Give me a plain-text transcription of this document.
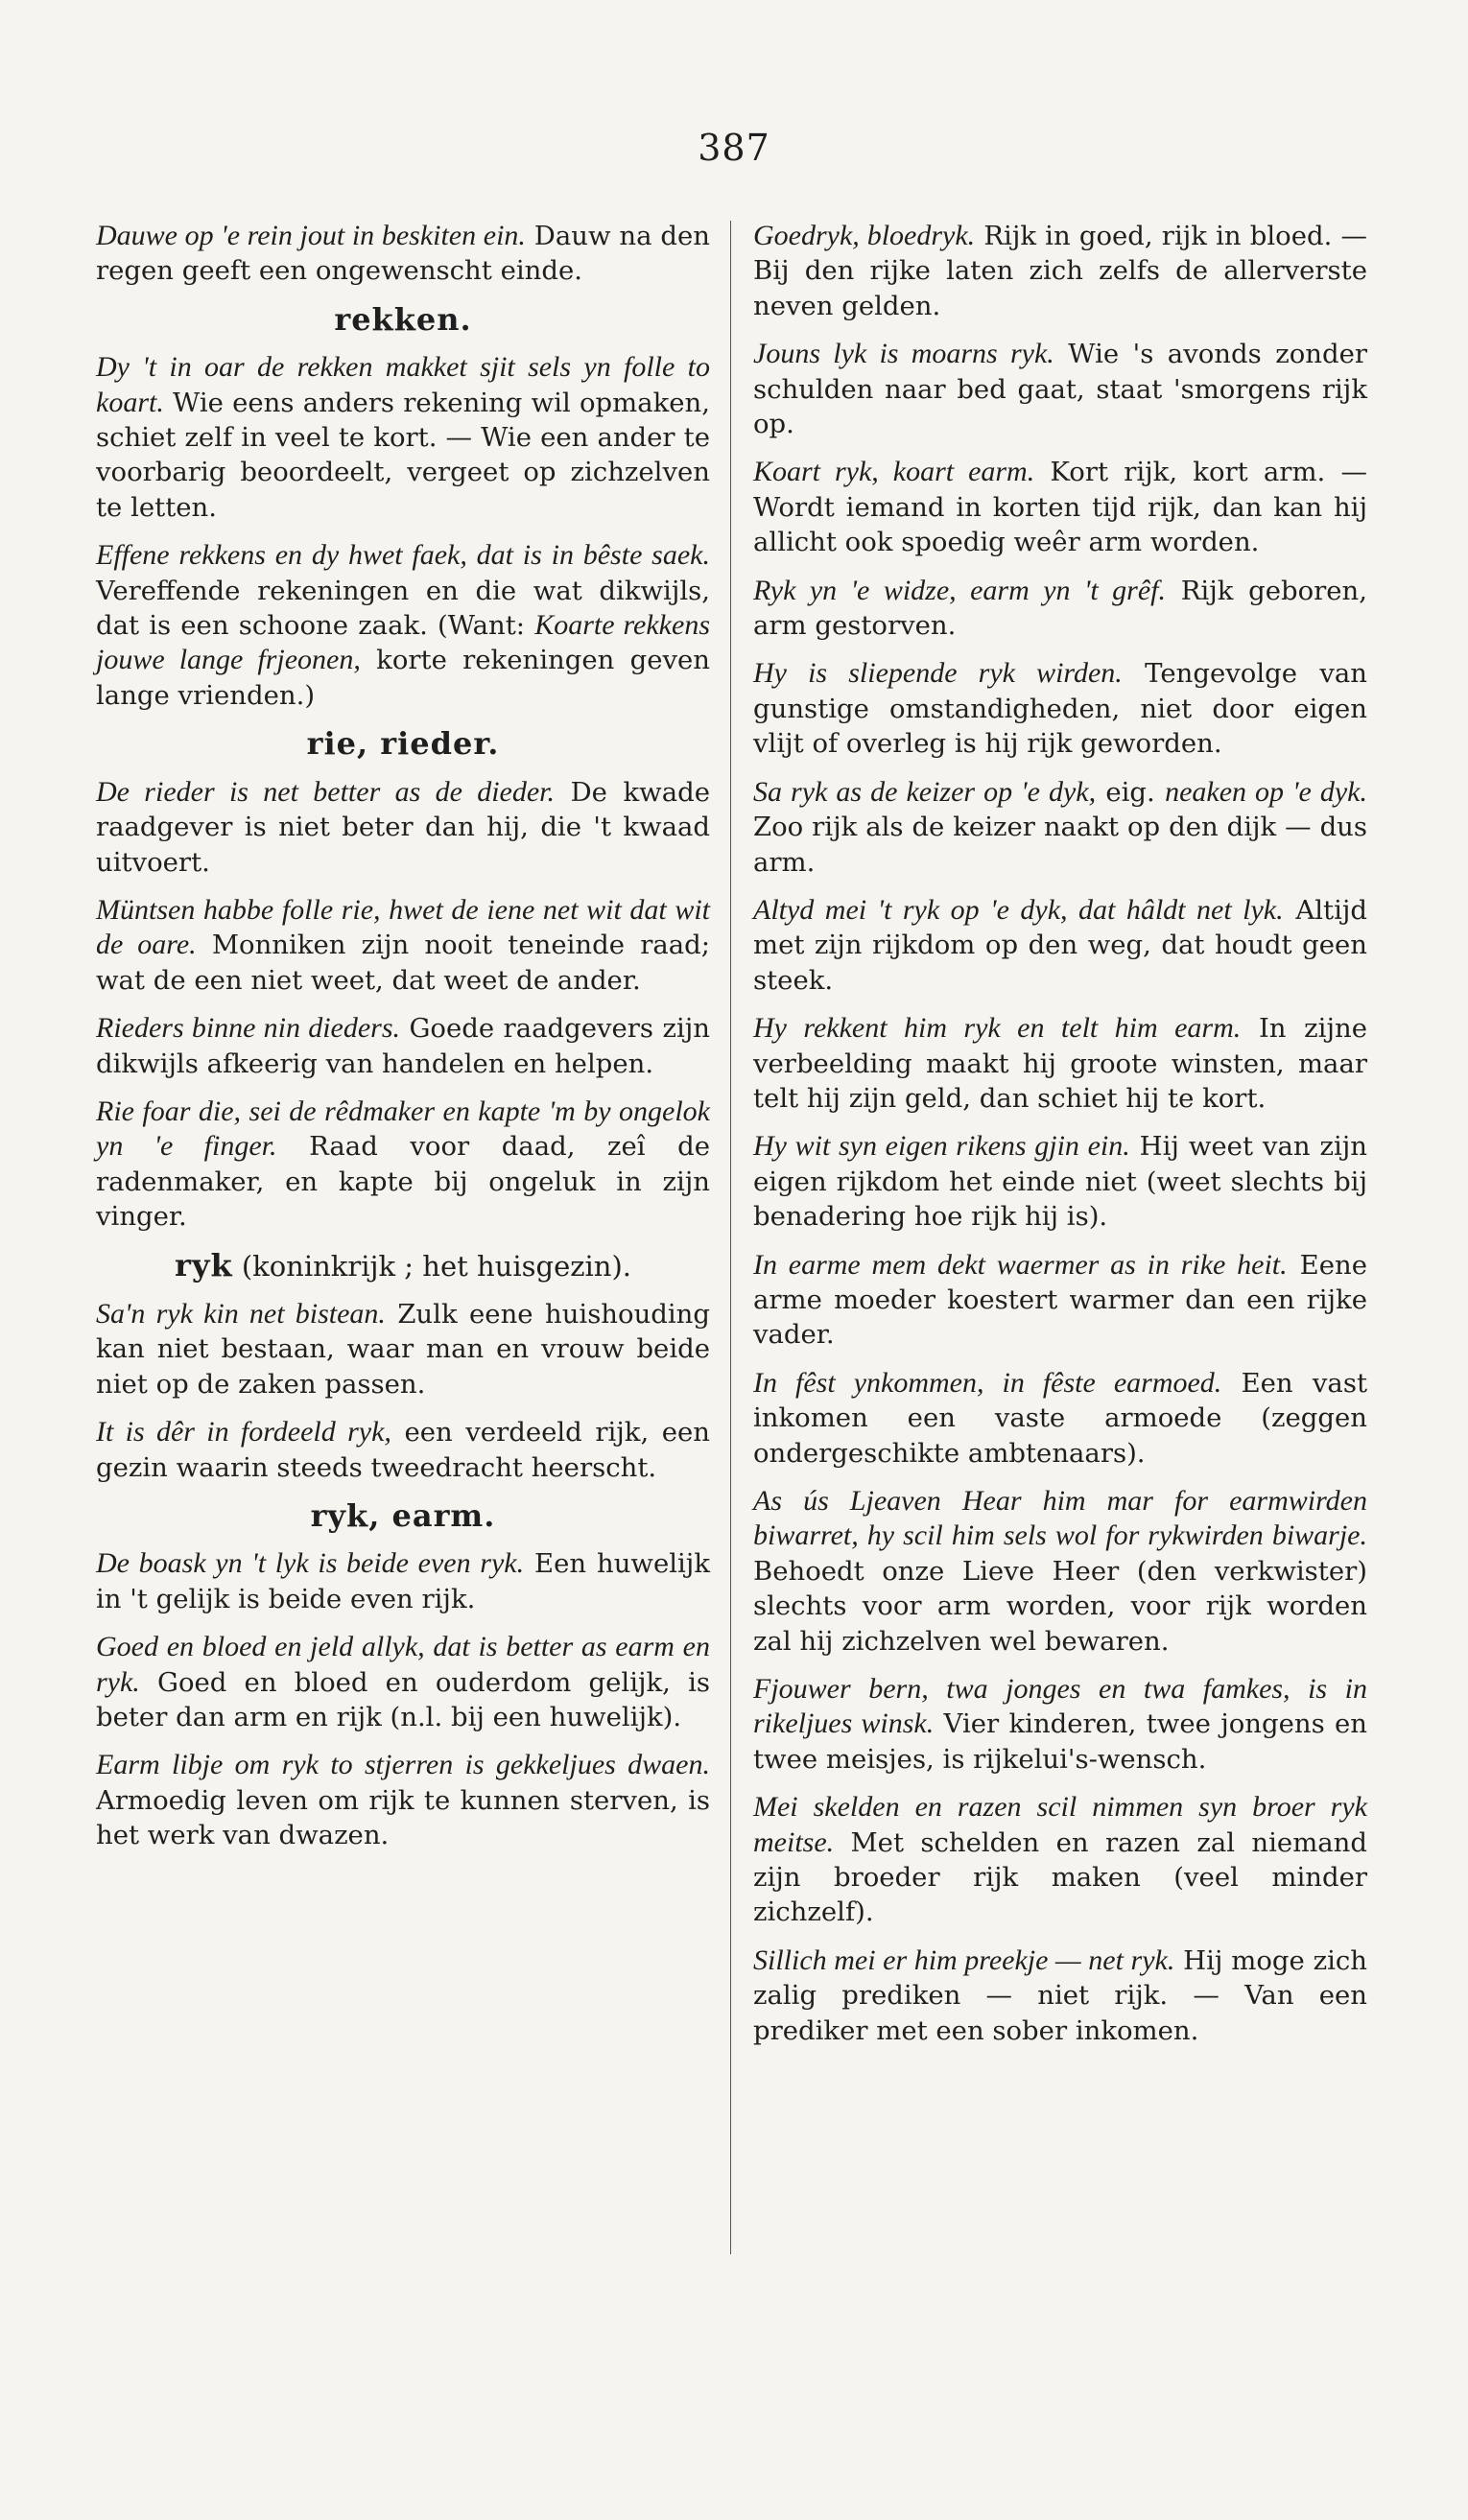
387

Dauwe op 'e rein jout in beskiten ein. Dauw na den regen geeft een ongewenscht einde.

rekken.

Dy 't in oar de rekken makket sjit sels yn folle to koart. Wie eens anders rekening wil opmaken, schiet zelf in veel te kort. — Wie een ander te voorbarig beoordeelt, vergeet op zichzelven te letten.

Effene rekkens en dy hwet faek, dat is in bêste saek. Vereffende rekeningen en die wat dikwijls, dat is een schoone zaak. (Want: Koarte rekkens jouwe lange frjeonen, korte rekeningen geven lange vrienden.)

rie, rieder.

De rieder is net better as de dieder. De kwade raadgever is niet beter dan hij, die 't kwaad uitvoert.

Müntsen habbe folle rie, hwet de iene net wit dat wit de oare. Monniken zijn nooit teneinde raad; wat de een niet weet, dat weet de ander.

Rieders binne nin dieders. Goede raadgevers zijn dikwijls afkeerig van handelen en helpen.

Rie foar die, sei de rêdmaker en kapte 'm by ongelok yn 'e finger. Raad voor daad, zeî de radenmaker, en kapte bij ongeluk in zijn vinger.

ryk (koninkrijk ; het huisgezin).

Sa'n ryk kin net bistean. Zulk eene huishouding kan niet bestaan, waar man en vrouw beide niet op de zaken passen.

It is dêr in fordeeld ryk, een verdeeld rijk, een gezin waarin steeds tweedracht heerscht.

ryk, earm.

De boask yn 't lyk is beide even ryk. Een huwelijk in 't gelijk is beide even rijk.

Goed en bloed en jeld allyk, dat is better as earm en ryk. Goed en bloed en ouderdom gelijk, is beter dan arm en rijk (n.l. bij een huwelijk).

Earm libje om ryk to stjerren is gekkeljues dwaen. Armoedig leven om rijk te kunnen sterven, is het werk van dwazen.

Goedryk, bloedryk. Rijk in goed, rijk in bloed. — Bij den rijke laten zich zelfs de allerverste neven gelden.

Jouns lyk is moarns ryk. Wie 's avonds zonder schulden naar bed gaat, staat 'smorgens rijk op.

Koart ryk, koart earm. Kort rijk, kort arm. — Wordt iemand in korten tijd rijk, dan kan hij allicht ook spoedig weêr arm worden.

Ryk yn 'e widze, earm yn 't grêf. Rijk geboren, arm gestorven.

Hy is sliepende ryk wirden. Tengevolge van gunstige omstandigheden, niet door eigen vlijt of overleg is hij rijk geworden.

Sa ryk as de keizer op 'e dyk, eig. neaken op 'e dyk. Zoo rijk als de keizer naakt op den dijk — dus arm.

Altyd mei 't ryk op 'e dyk, dat hâldt net lyk. Altijd met zijn rijkdom op den weg, dat houdt geen steek.

Hy rekkent him ryk en telt him earm. In zijne verbeelding maakt hij groote winsten, maar telt hij zijn geld, dan schiet hij te kort.

Hy wit syn eigen rikens gjin ein. Hij weet van zijn eigen rijkdom het einde niet (weet slechts bij benadering hoe rijk hij is).

In earme mem dekt waermer as in rike heit. Eene arme moeder koestert warmer dan een rijke vader.

In fêst ynkommen, in fêste earmoed. Een vast inkomen een vaste armoede (zeggen ondergeschikte ambtenaars).

As ús Ljeaven Hear him mar for earmwirden biwarret, hy scil him sels wol for rykwirden biwarje. Behoedt onze Lieve Heer (den verkwister) slechts voor arm worden, voor rijk worden zal hij zichzelven wel bewaren.

Fjouwer bern, twa jonges en twa famkes, is in rikeljues winsk. Vier kinderen, twee jongens en twee meisjes, is rijkelui's-wensch.

Mei skelden en razen scil nimmen syn broer ryk meitse. Met schelden en razen zal niemand zijn broeder rijk maken (veel minder zichzelf).

Sillich mei er him preekje — net ryk. Hij moge zich zalig prediken — niet rijk. — Van een prediker met een sober inkomen.
